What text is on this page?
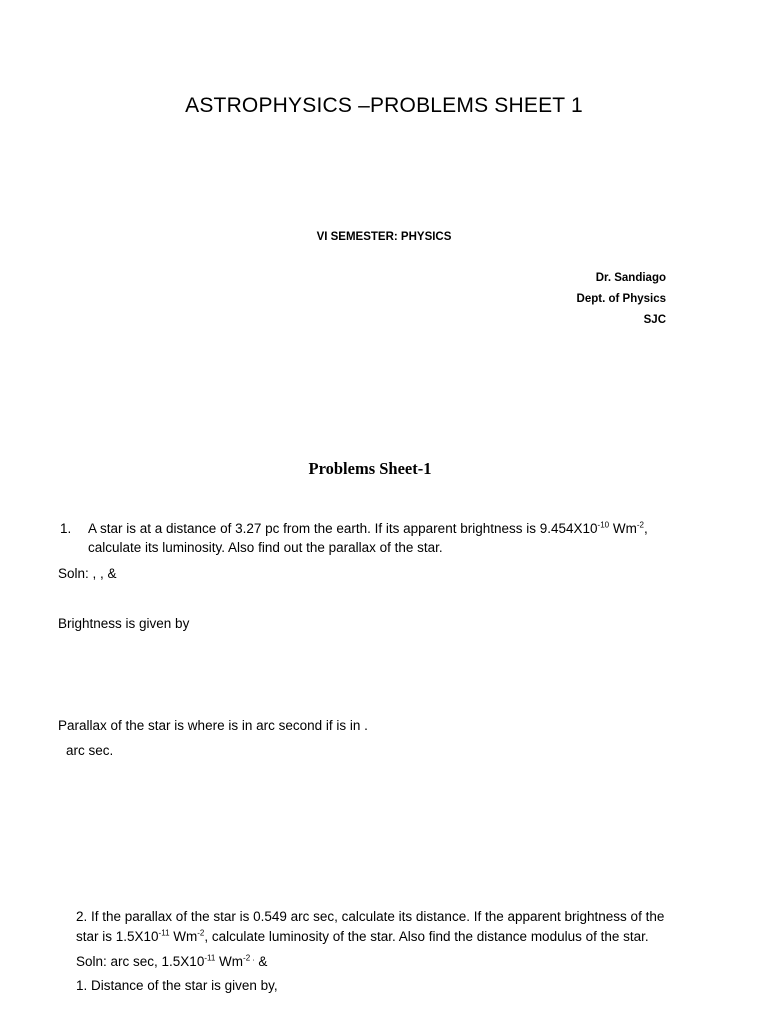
ASTROPHYSICS –PROBLEMS SHEET 1
VI SEMESTER: PHYSICS
Dr. Sandiago
Dept. of Physics
SJC
Problems Sheet-1
1. A star is at a distance of 3.27 pc from the earth. If its apparent brightness is $9.454X10^{-10}$ $Wm^{-2}$,
calculate its luminosity. Also find out the parallax of the star.
Soln: , , &
Brightness is given by
Parallax of the star is where is in arc second if is in .
arc sec.
2. If the parallax of the star is 0.549 arc sec, calculate its distance. If the apparent brightness of the
star is $1.5X10^{-11}$ $Wm^{-2}$, calculate luminosity of the star. Also find the distance modulus of the star.
Soln: arc sec, $1.5X10^{-11}$ $Wm^{-2 .}$ &
1. Distance of the star is given by,
